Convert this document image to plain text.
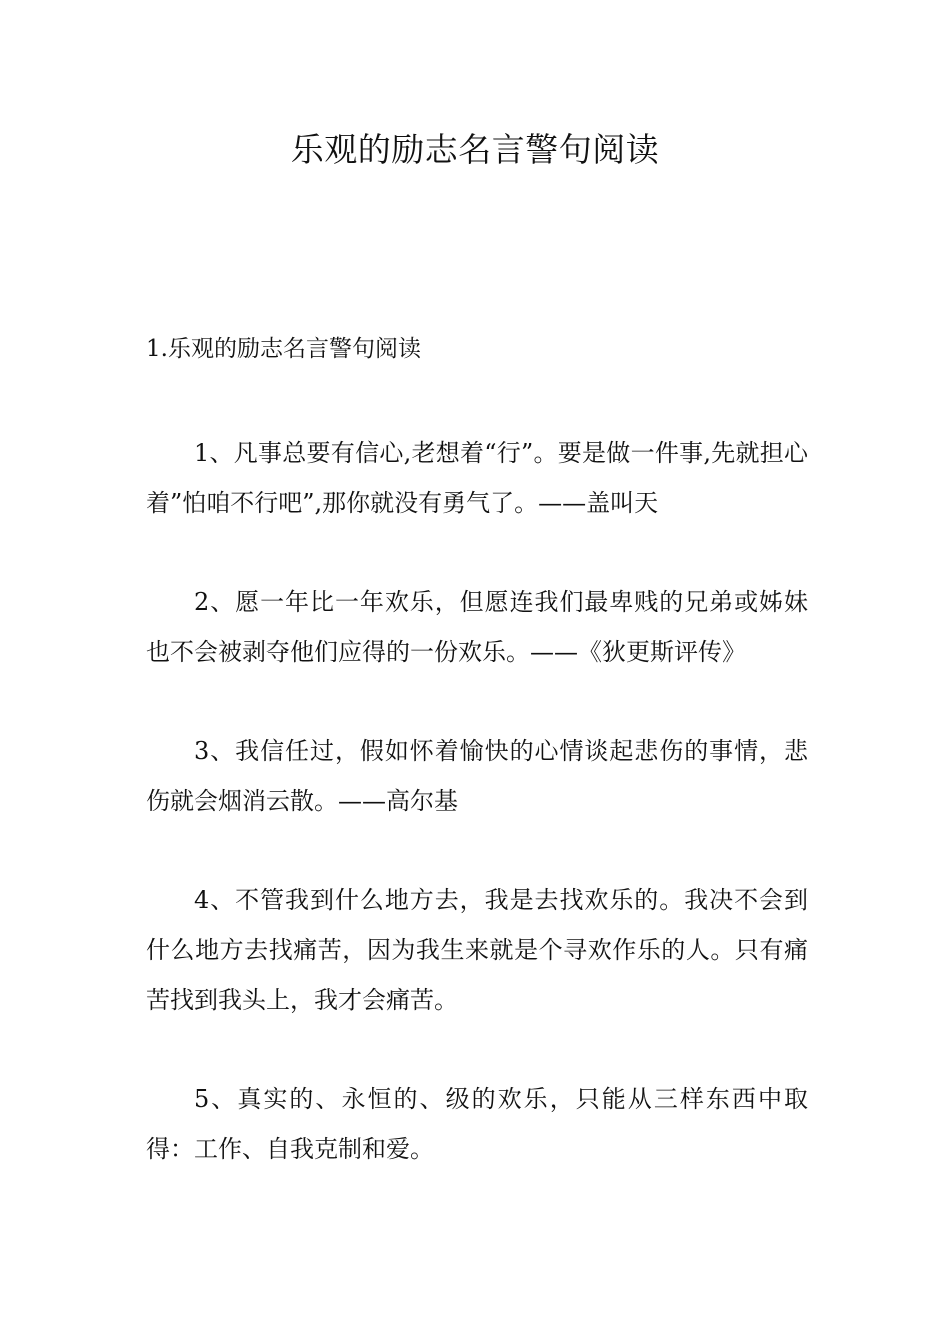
乐观的励志名言警句阅读

1.乐观的励志名言警句阅读

1、凡事总要有信心,老想着“行”。要是做一件事,先就担心着”怕咱不行吧”,那你就没有勇气了。——盖叫天
2、愿一年比一年欢乐，但愿连我们最卑贱的兄弟或姊妹也不会被剥夺他们应得的一份欢乐。——《狄更斯评传》
3、我信任过，假如怀着愉快的心情谈起悲伤的事情，悲伤就会烟消云散。——高尔基
4、不管我到什么地方去，我是去找欢乐的。我决不会到什么地方去找痛苦，因为我生来就是个寻欢作乐的人。只有痛苦找到我头上，我才会痛苦。
5、真实的、永恒的、级的欢乐，只能从三样东西中取得：工作、自我克制和爱。
